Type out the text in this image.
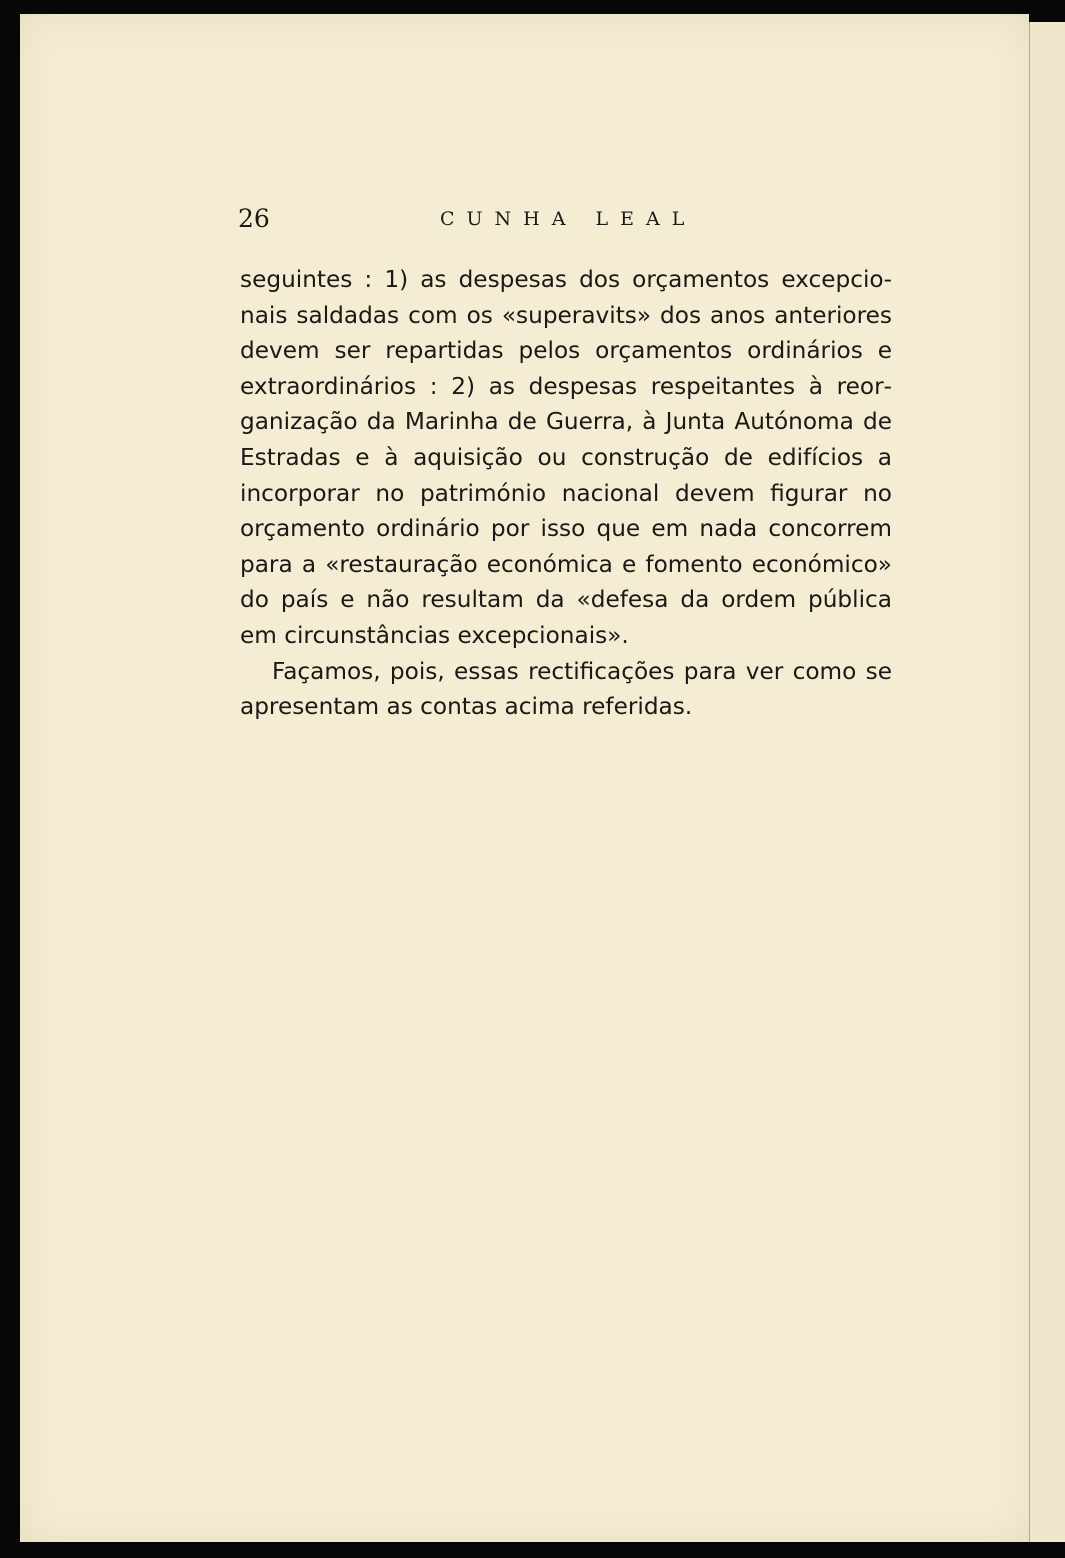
26	CUNHA LEAL

seguintes : 1) as despesas dos orçamentos excepcionais saldadas com os «superavits» dos anos anteriores devem ser repartidas pelos orçamentos ordinários e extraordinários : 2) as despesas respeitantes à reorganização da Marinha de Guerra, à Junta Autónoma de Estradas e à aquisição ou construção de edifícios a incorporar no património nacional devem figurar no orçamento ordinário por isso que em nada concorrem para a «restauração económica e fomento económico» do país e não resultam da «defesa da ordem pública em circunstâncias excepcionais».

Façamos, pois, essas rectificações para ver como se apresentam as contas acima referidas.
